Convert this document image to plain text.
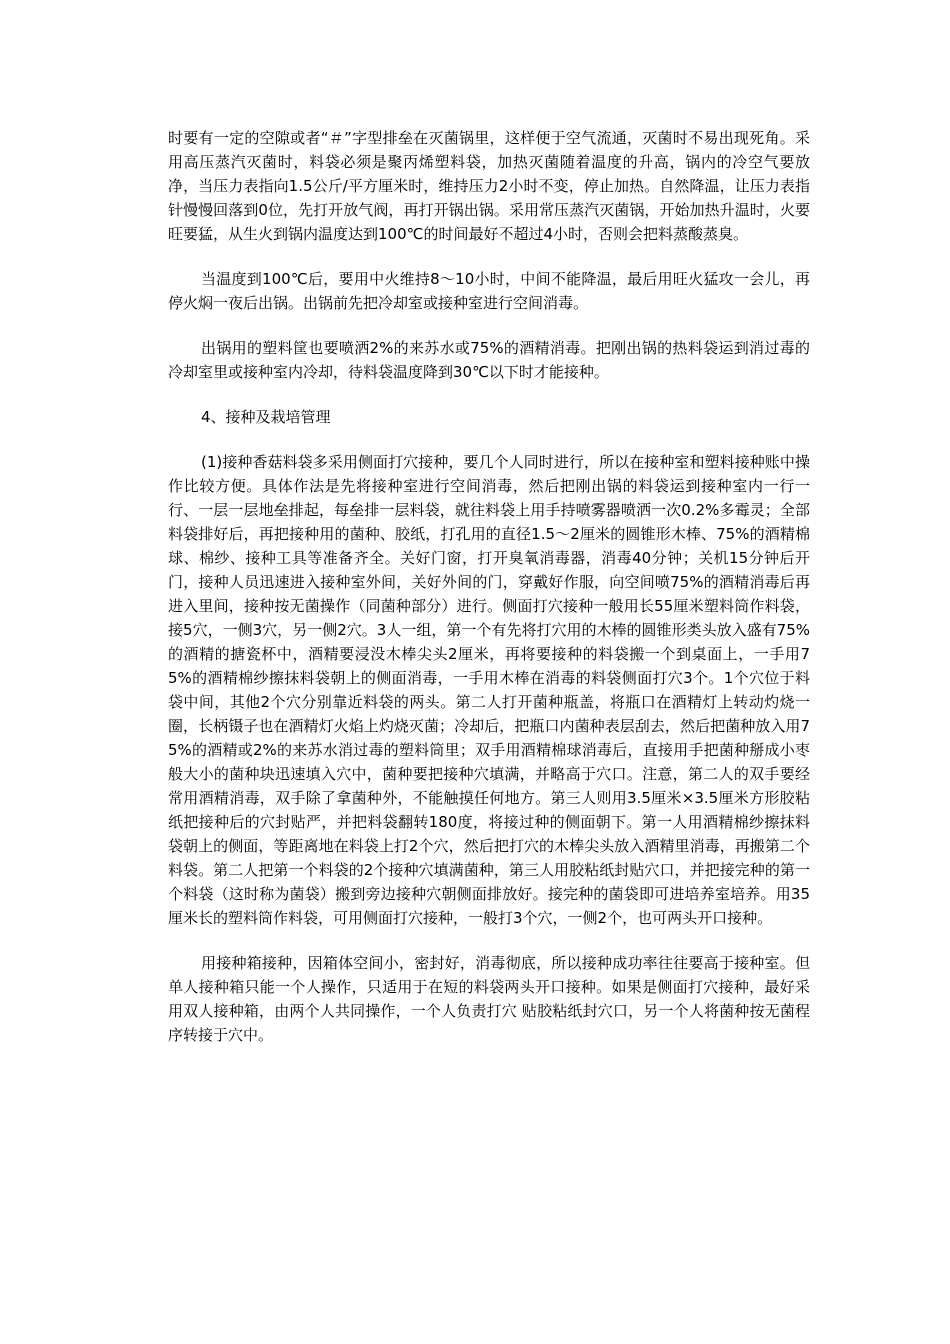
时要有一定的空隙或者“＃”字型排垒在灭菌锅里，这样便于空气流通，灭菌时不易出现死角。采用高压蒸汽灭菌时，料袋必须是聚丙烯塑料袋，加热灭菌随着温度的升高，锅内的冷空气要放净，当压力表指向1.5公斤/平方厘米时，维持压力2小时不变，停止加热。自然降温，让压力表指针慢慢回落到0位，先打开放气阀，再打开锅出锅。采用常压蒸汽灭菌锅，开始加热升温时，火要旺要猛，从生火到锅内温度达到100℃的时间最好不超过4小时，否则会把料蒸酸蒸臭。

当温度到100℃后，要用中火维持8～10小时，中间不能降温，最后用旺火猛攻一会儿，再停火焖一夜后出锅。出锅前先把冷却室或接种室进行空间消毒。

出锅用的塑料筐也要喷洒2%的来苏水或75%的酒精消毒。把刚出锅的热料袋运到消过毒的冷却室里或接种室内冷却，待料袋温度降到30℃以下时才能接种。

4、接种及栽培管理

(1)接种香菇料袋多采用侧面打穴接种，要几个人同时进行，所以在接种室和塑料接种账中操作比较方便。具体作法是先将接种室进行空间消毒，然后把刚出锅的料袋运到接种室内一行一行、一层一层地垒排起，每垒排一层料袋，就往料袋上用手持喷雾器喷洒一次0.2%多霉灵；全部料袋排好后，再把接种用的菌种、胶纸，打孔用的直径1.5～2厘米的圆锥形木棒、75%的酒精棉球、棉纱、接种工具等准备齐全。关好门窗，打开臭氧消毒器，消毒40分钟；关机15分钟后开门，接种人员迅速进入接种室外间，关好外间的门，穿戴好作服，向空间喷75%的酒精消毒后再进入里间，接种按无菌操作（同菌种部分）进行。侧面打穴接种一般用长55厘米塑料筒作料袋，接5穴，一侧3穴，另一侧2穴。3人一组，第一个有先将打穴用的木棒的圆锥形类头放入盛有75%的酒精的搪瓷杯中，酒精要浸没木棒尖头2厘米，再将要接种的料袋搬一个到桌面上，一手用75%的酒精棉纱擦抹料袋朝上的侧面消毒，一手用木棒在消毒的料袋侧面打穴3个。1个穴位于料袋中间，其他2个穴分别靠近料袋的两头。第二人打开菌种瓶盖，将瓶口在酒精灯上转动灼烧一圈，长柄镊子也在酒精灯火焰上灼烧灭菌；冷却后，把瓶口内菌种表层刮去，然后把菌种放入用75%的酒精或2%的来苏水消过毒的塑料筒里；双手用酒精棉球消毒后，直接用手把菌种掰成小枣般大小的菌种块迅速填入穴中，菌种要把接种穴填满，并略高于穴口。注意，第二人的双手要经常用酒精消毒，双手除了拿菌种外，不能触摸任何地方。第三人则用3.5厘米×3.5厘米方形胶粘纸把接种后的穴封贴严，并把料袋翻转180度，将接过种的侧面朝下。第一人用酒精棉纱擦抹料袋朝上的侧面，等距离地在料袋上打2个穴，然后把打穴的木棒尖头放入酒精里消毒，再搬第二个料袋。第二人把第一个料袋的2个接种穴填满菌种，第三人用胶粘纸封贴穴口，并把接完种的第一个料袋（这时称为菌袋）搬到旁边接种穴朝侧面排放好。接完种的菌袋即可进培养室培养。用35厘米长的塑料筒作料袋，可用侧面打穴接种，一般打3个穴，一侧2个，也可两头开口接种。

用接种箱接种，因箱体空间小，密封好，消毒彻底，所以接种成功率往往要高于接种室。但单人接种箱只能一个人操作，只适用于在短的料袋两头开口接种。如果是侧面打穴接种，最好采用双人接种箱，由两个人共同操作，一个人负责打穴 贴胶粘纸封穴口，另一个人将菌种按无菌程序转接于穴中。
